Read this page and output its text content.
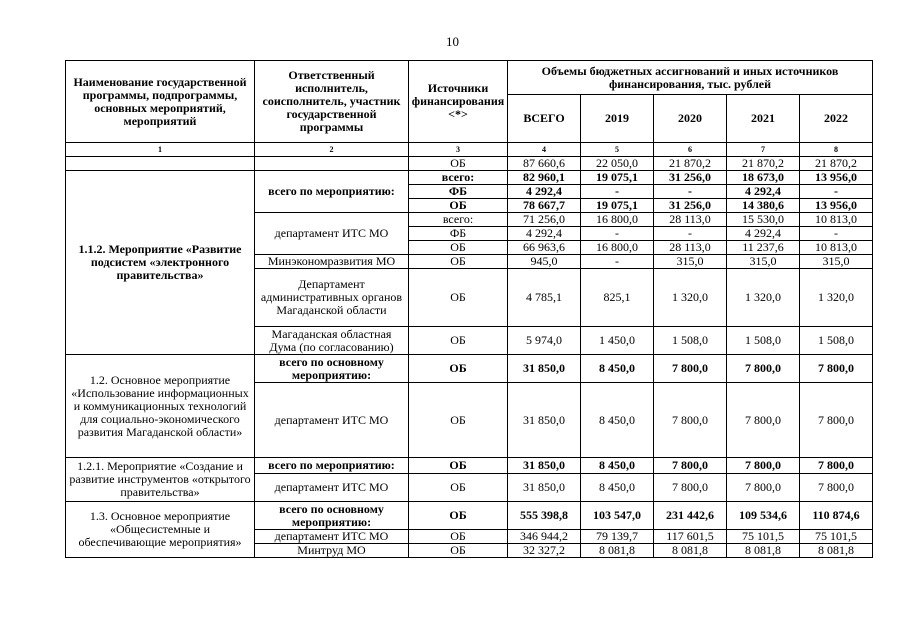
10
Наименование государственной программы, подпрограммы, основных мероприятий, мероприятий	Ответственный исполнитель, соисполнитель, участник государственной программы	Источники финансирования <*>	Объемы бюджетных ассигнований и иных источников финансирования, тыс. рублей				
			ВСЕГО	2019	2020	2021	2022
1	2	3	4	5	6	7	8
		ОБ	87 660,6	22 050,0	21 870,2	21 870,2	21 870,2
1.1.2. Мероприятие «Развитие подсистем «электронного правительства»	всего по мероприятию:	всего:	82 960,1	19 075,1	31 256,0	18 673,0	13 956,0
		ФБ	4 292,4	-	-	4 292,4	-
		ОБ	78 667,7	19 075,1	31 256,0	14 380,6	13 956,0
	департамент ИТС МО	всего:	71 256,0	16 800,0	28 113,0	15 530,0	10 813,0
		ФБ	4 292,4	-	-	4 292,4	-
		ОБ	66 963,6	16 800,0	28 113,0	11 237,6	10 813,0
	Минэкономразвития МО	ОБ	945,0	-	315,0	315,0	315,0
	Департамент административных органов Магаданской области	ОБ	4 785,1	825,1	1 320,0	1 320,0	1 320,0
	Магаданская областная Дума (по согласованию)	ОБ	5 974,0	1 450,0	1 508,0	1 508,0	1 508,0
1.2. Основное мероприятие «Использование информационных и коммуникационных технологий для социально-экономического развития Магаданской области»	всего по основному мероприятию:	ОБ	31 850,0	8 450,0	7 800,0	7 800,0	7 800,0
	департамент ИТС МО	ОБ	31 850,0	8 450,0	7 800,0	7 800,0	7 800,0
1.2.1. Мероприятие «Создание и развитие инструментов «открытого правительства»	всего по мероприятию:	ОБ	31 850,0	8 450,0	7 800,0	7 800,0	7 800,0
	департамент ИТС МО	ОБ	31 850,0	8 450,0	7 800,0	7 800,0	7 800,0
1.3. Основное мероприятие «Общесистемные и обеспечивающие мероприятия»	всего по основному мероприятию:	ОБ	555 398,8	103 547,0	231 442,6	109 534,6	110 874,6
	департамент ИТС МО	ОБ	346 944,2	79 139,7	117 601,5	75 101,5	75 101,5
	Минтруд МО	ОБ	32 327,2	8 081,8	8 081,8	8 081,8	8 081,8
